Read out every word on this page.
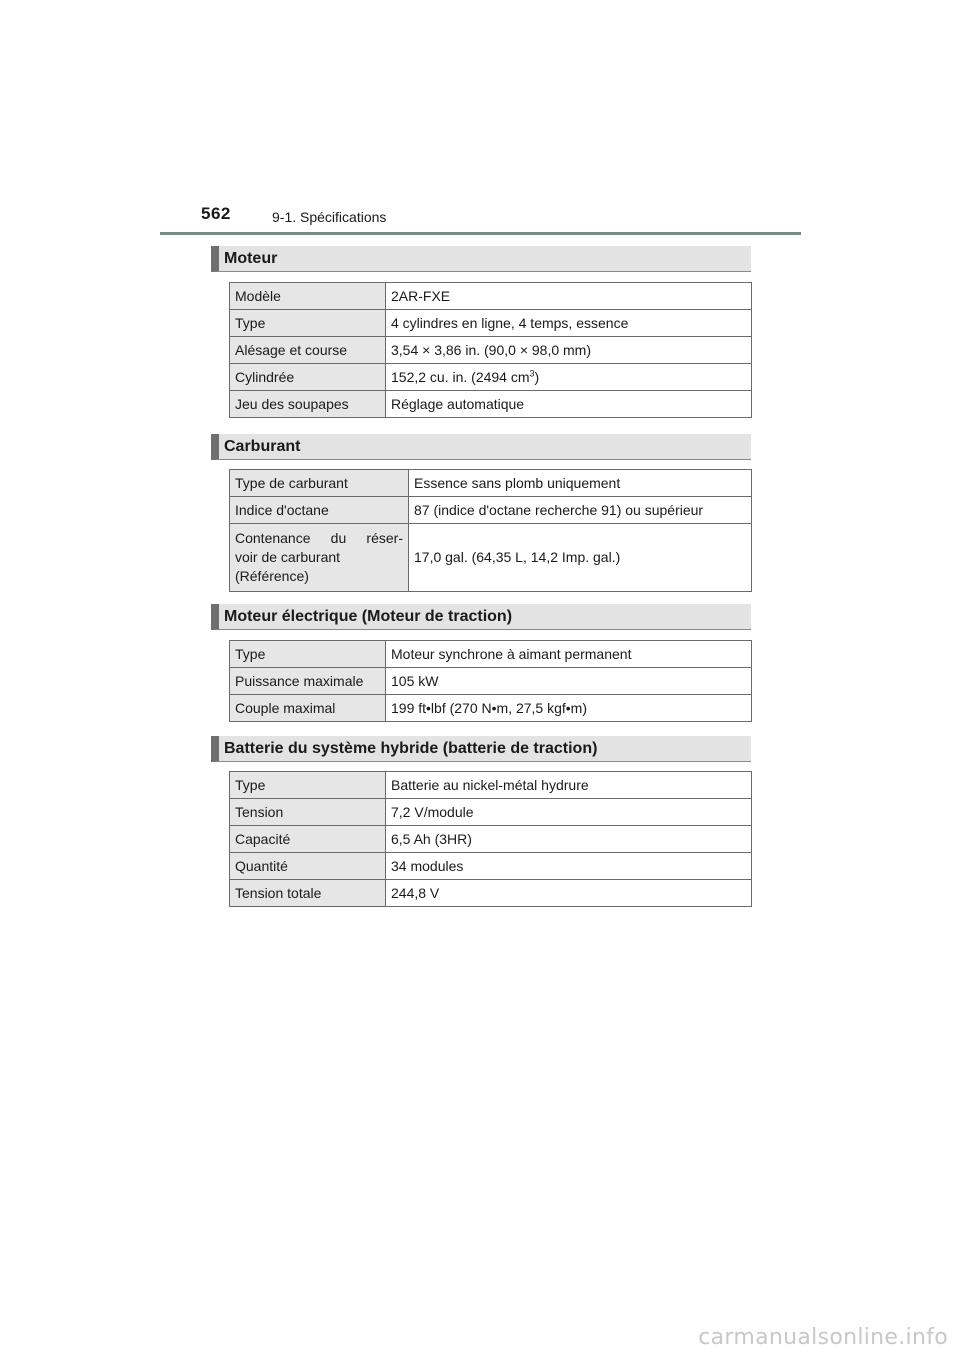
562	9-1. Spécifications
Moteur
Modèle	2AR-FXE
Type	4 cylindres en ligne, 4 temps, essence
Alésage et course	3,54 × 3,86 in. (90,0 × 98,0 mm)
Cylindrée	152,2 cu. in. (2494 $cm^3$)
Jeu des soupapes	Réglage automatique
Carburant
Type de carburant	Essence sans plomb uniquement
Indice d'octane	87 (indice d'octane recherche 91) ou supérieur

Contenance du réser-
voir de carburant
(Référence)	17,0 gal. (64,35 L, 14,2 Imp. gal.)
Moteur électrique (Moteur de traction)
Type	Moteur synchrone à aimant permanent
Puissance maximale	105 kW
Couple maximal	199 ft•lbf (270 N•m, 27,5 kgf•m)
Batterie du système hybride (batterie de traction)
Type	Batterie au nickel-métal hydrure
Tension	7,2 V/module
Capacité	6,5 Ah (3HR)
Quantité	34 modules
Tension totale	244,8 V
carmanualsonline.info
